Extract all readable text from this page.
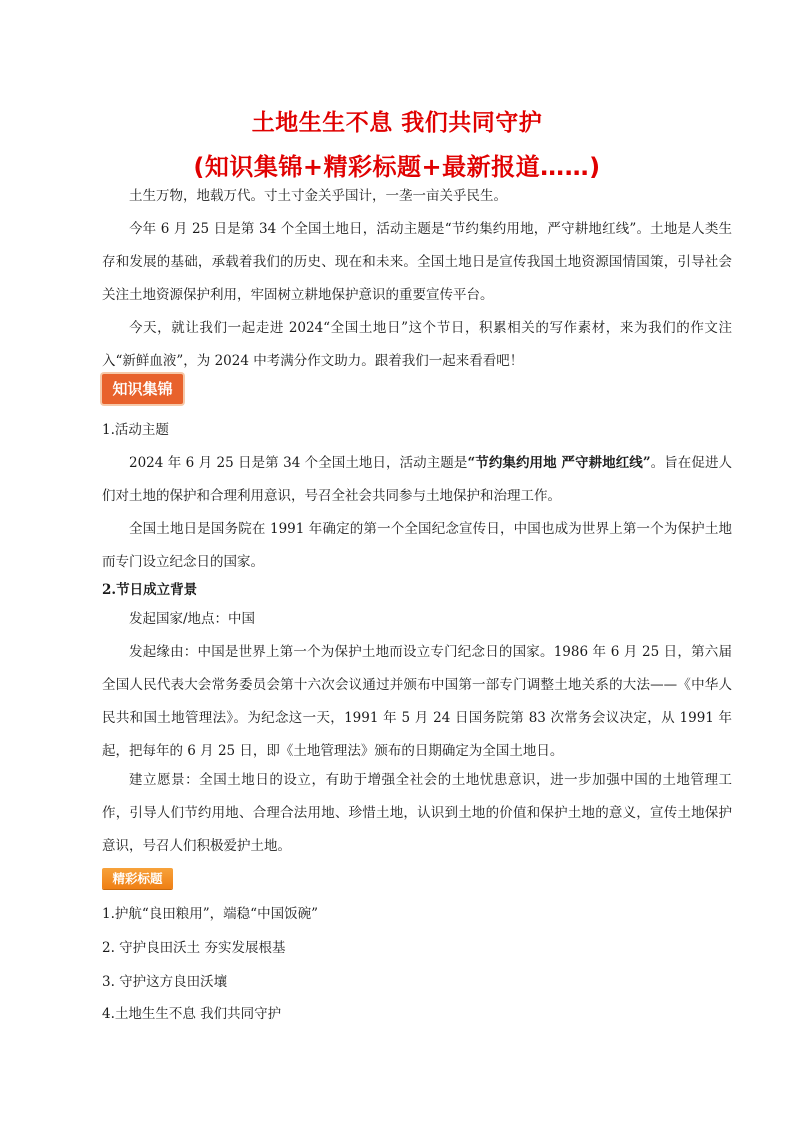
土地生生不息 我们共同守护
(知识集锦+精彩标题+最新报道……)

土生万物，地载万代。寸土寸金关乎国计，一垄一亩关乎民生。

今年 6 月 25 日是第 34 个全国土地日，活动主题是“节约集约用地，严守耕地红线”。土地是人类生存和发展的基础，承载着我们的历史、现在和未来。全国土地日是宣传我国土地资源国情国策，引导社会关注土地资源保护利用，牢固树立耕地保护意识的重要宣传平台。

今天，就让我们一起走进 2024“全国土地日”这个节日，积累相关的写作素材，来为我们的作文注入“新鲜血液”，为 2024 中考满分作文助力。跟着我们一起来看看吧！

知识集锦

1.活动主题

2024 年 6 月 25 日是第 34 个全国土地日，活动主题是“节约集约用地 严守耕地红线”。旨在促进人们对土地的保护和合理利用意识，号召全社会共同参与土地保护和治理工作。

全国土地日是国务院在 1991 年确定的第一个全国纪念宣传日，中国也成为世界上第一个为保护土地而专门设立纪念日的国家。

2.节日成立背景

发起国家/地点：中国

发起缘由：中国是世界上第一个为保护土地而设立专门纪念日的国家。1986 年 6 月 25 日，第六届全国人民代表大会常务委员会第十六次会议通过并颁布中国第一部专门调整土地关系的大法——《中华人民共和国土地管理法》。为纪念这一天，1991 年 5 月 24 日国务院第 83 次常务会议决定，从 1991 年起，把每年的 6 月 25 日，即《土地管理法》颁布的日期确定为全国土地日。

建立愿景：全国土地日的设立，有助于增强全社会的土地忧患意识，进一步加强中国的土地管理工作，引导人们节约用地、合理合法用地、珍惜土地，认识到土地的价值和保护土地的意义，宣传土地保护意识，号召人们积极爱护土地。

精彩标题

1.护航“良田粮用”，端稳“中国饭碗”

2. 守护良田沃土 夯实发展根基

3. 守护这方良田沃壤

4.土地生生不息 我们共同守护
